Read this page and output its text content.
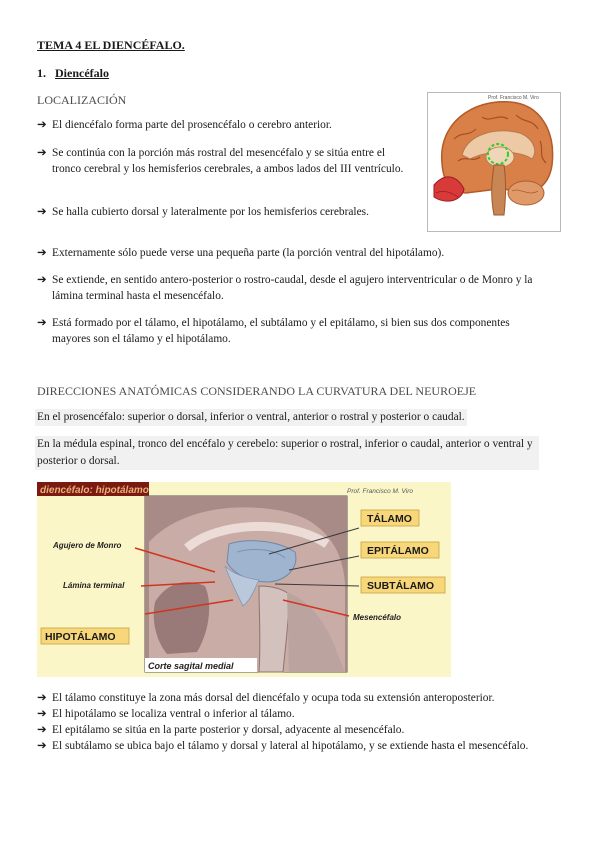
TEMA 4 EL DIENCÉFALO.
1. Diencéfalo
LOCALIZACIÓN
➔ El diencéfalo forma parte del prosencéfalo o cerebro anterior.
➔ Se continúa con la porción más rostral del mesencéfalo y se sitúa entre el tronco cerebral y los hemisferios cerebrales, a ambos lados del III ventrículo.
➔ Se halla cubierto dorsal y lateralmente por los hemisferios cerebrales.
➔ Externamente sólo puede verse una pequeña parte (la porción ventral del hipotálamo).
➔ Se extiende, en sentido antero-posterior o rostro-caudal, desde el agujero interventricular o de Monro y la lámina terminal hasta el mesencéfalo.
➔ Está formado por el tálamo, el hipotálamo, el subtálamo y el epitálamo, si bien sus dos componentes mayores son el tálamo y el hipotálamo.
Prof. Francisco M. Viro
DIRECCIONES ANATÓMICAS CONSIDERANDO LA CURVATURA DEL NEUROEJE
En el prosencéfalo: superior o dorsal, inferior o ventral, anterior o rostral y posterior o caudal.
En la médula espinal, tronco del encéfalo y cerebelo: superior o rostral, inferior o caudal, anterior o ventral y posterior o dorsal.
diencéfalo: hipotálamo	Prof. Francisco M. Viro
Corte sagital medial
Agujero de Monro
Lámina terminal
HIPOTÁLAMO
TÁLAMO
EPITÁLAMO
SUBTÁLAMO
Mesencéfalo
➔ El tálamo constituye la zona más dorsal del diencéfalo y ocupa toda su extensión anteroposterior.
➔ El hipotálamo se localiza ventral o inferior al tálamo.
➔ El epitálamo se sitúa en la parte posterior y dorsal, adyacente al mesencéfalo.
➔ El subtálamo se ubica bajo el tálamo y dorsal y lateral al hipotálamo, y se extiende hasta el mesencéfalo.
